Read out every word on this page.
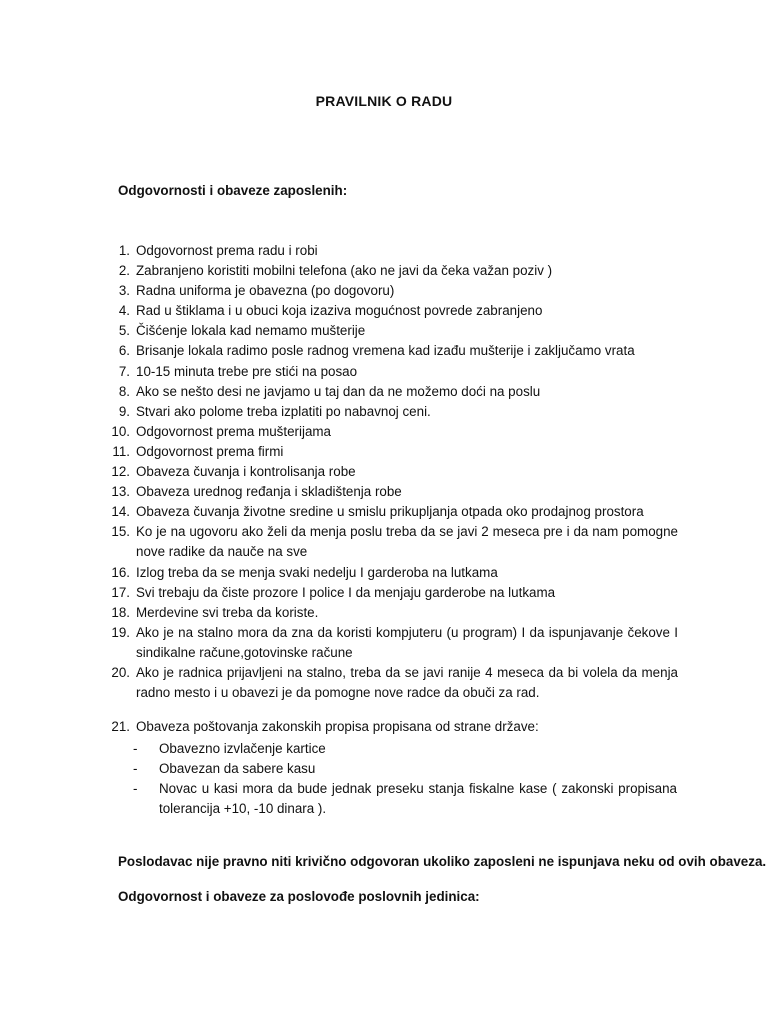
PRAVILNIK O RADU
Odgovornosti i obaveze zaposlenih:
1. Odgovornost prema radu i robi
2. Zabranjeno koristiti mobilni telefona (ako ne javi da čeka važan poziv )
3. Radna uniforma je obavezna (po dogovoru)
4. Rad u štiklama i u obuci koja izaziva mogućnost povrede zabranjeno
5. Čišćenje lokala kad nemamo mušterije
6. Brisanje lokala radimo posle radnog vremena kad izađu mušterije i zaključamo vrata
7. 10-15 minuta trebe pre stići na posao
8. Ako se nešto desi ne javjamo u taj dan da ne možemo doći na poslu
9. Stvari ako polome treba izplatiti po nabavnoj ceni.
10. Odgovornost prema mušterijama
11. Odgovornost prema firmi
12. Obaveza čuvanja i kontrolisanja robe
13. Obaveza urednog ređanja i skladištenja robe
14. Obaveza čuvanja životne sredine u smislu prikupljanja otpada oko prodajnog prostora
15. Ko je na ugovoru ako želi da menja poslu treba da se javi 2 meseca pre i da nam pomogne nove radike da nauče na sve
16. Izlog treba da se menja svaki nedelju I garderoba na lutkama
17. Svi trebaju da čiste prozore I police I da menjaju garderobe na lutkama
18. Merdevine svi treba da koriste.
19. Ako je na stalno mora da zna da koristi kompjuteru (u program) I da ispunjavanje čekove I sindikalne račune,gotovinske račune
20. Ako je radnica prijavljeni na stalno, treba da se javi ranije 4 meseca da bi volela da menja radno mesto i u obavezi je da pomogne nove radce da obuči za rad.
21. Obaveza poštovanja zakonskih propisa propisana od strane države:
- Obavezno izvlačenje kartice
- Obavezan da sabere kasu
- Novac u kasi mora da bude jednak preseku stanja fiskalne kase ( zakonski propisana tolerancija +10, -10 dinara ).
Poslodavac nije pravno niti krivično odgovoran ukoliko zaposleni ne ispunjava neku od ovih obaveza.
Odgovornost i obaveze za poslovođe poslovnih jedinica:
